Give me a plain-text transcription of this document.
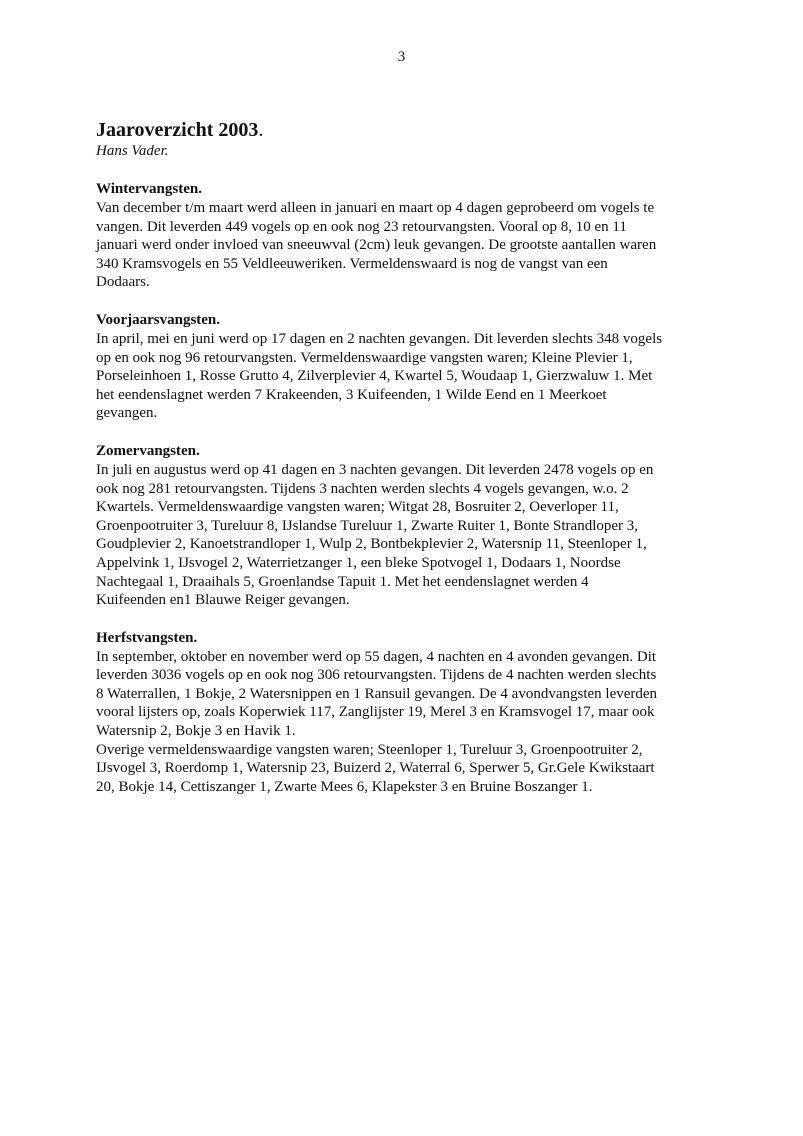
3
Jaaroverzicht 2003.

Hans Vader.

Wintervangsten.

Van december t/m maart werd alleen in januari en maart op 4 dagen geprobeerd om vogels te
vangen. Dit leverden 449 vogels op en ook nog 23 retourvangsten. Vooral op 8, 10 en 11
januari werd onder invloed van sneeuwval (2cm) leuk gevangen. De grootste aantallen waren
340 Kramsvogels en 55 Veldleeuweriken. Vermeldenswaard is nog de vangst van een
Dodaars.

Voorjaarsvangsten.

In april, mei en juni werd op 17 dagen en 2 nachten gevangen. Dit leverden slechts 348 vogels
op en ook nog 96 retourvangsten. Vermeldenswaardige vangsten waren; Kleine Plevier 1,
Porseleinhoen 1, Rosse Grutto 4, Zilverplevier 4, Kwartel 5, Woudaap 1, Gierzwaluw 1. Met
het eendenslagnet werden 7 Krakeenden, 3 Kuifeenden, 1 Wilde Eend en 1 Meerkoet
gevangen.

Zomervangsten.

In juli en augustus werd op 41 dagen en 3 nachten gevangen. Dit leverden 2478 vogels op en
ook nog 281 retourvangsten. Tijdens 3 nachten werden slechts 4 vogels gevangen, w.o. 2
Kwartels. Vermeldenswaardige vangsten waren; Witgat 28, Bosruiter 2, Oeverloper 11,
Groenpootruiter 3, Tureluur 8, IJslandse Tureluur 1, Zwarte Ruiter 1, Bonte Strandloper 3,
Goudplevier 2, Kanoetstrandloper 1, Wulp 2, Bontbekplevier 2, Watersnip 11, Steenloper 1,
Appelvink 1, IJsvogel 2, Waterrietzanger 1, een bleke Spotvogel 1, Dodaars 1, Noordse
Nachtegaal 1, Draaihals 5, Groenlandse Tapuit 1. Met het eendenslagnet werden 4
Kuifeenden en1 Blauwe Reiger gevangen.

Herfstvangsten.

In september, oktober en november werd op 55 dagen, 4 nachten en 4 avonden gevangen. Dit
leverden 3036 vogels op en ook nog 306 retourvangsten. Tijdens de 4 nachten werden slechts
8 Waterrallen, 1 Bokje, 2 Watersnippen en 1 Ransuil gevangen. De 4 avondvangsten leverden
vooral lijsters op, zoals Koperwiek 117, Zanglijster 19, Merel 3 en Kramsvogel 17, maar ook
Watersnip 2, Bokje 3 en Havik 1.

Overige vermeldenswaardige vangsten waren; Steenloper 1, Tureluur 3, Groenpootruiter 2,
IJsvogel 3, Roerdomp 1, Watersnip 23, Buizerd 2, Waterral 6, Sperwer 5, Gr.Gele Kwikstaart
20, Bokje 14, Cettiszanger 1, Zwarte Mees 6, Klapekster 3 en Bruine Boszanger 1.
